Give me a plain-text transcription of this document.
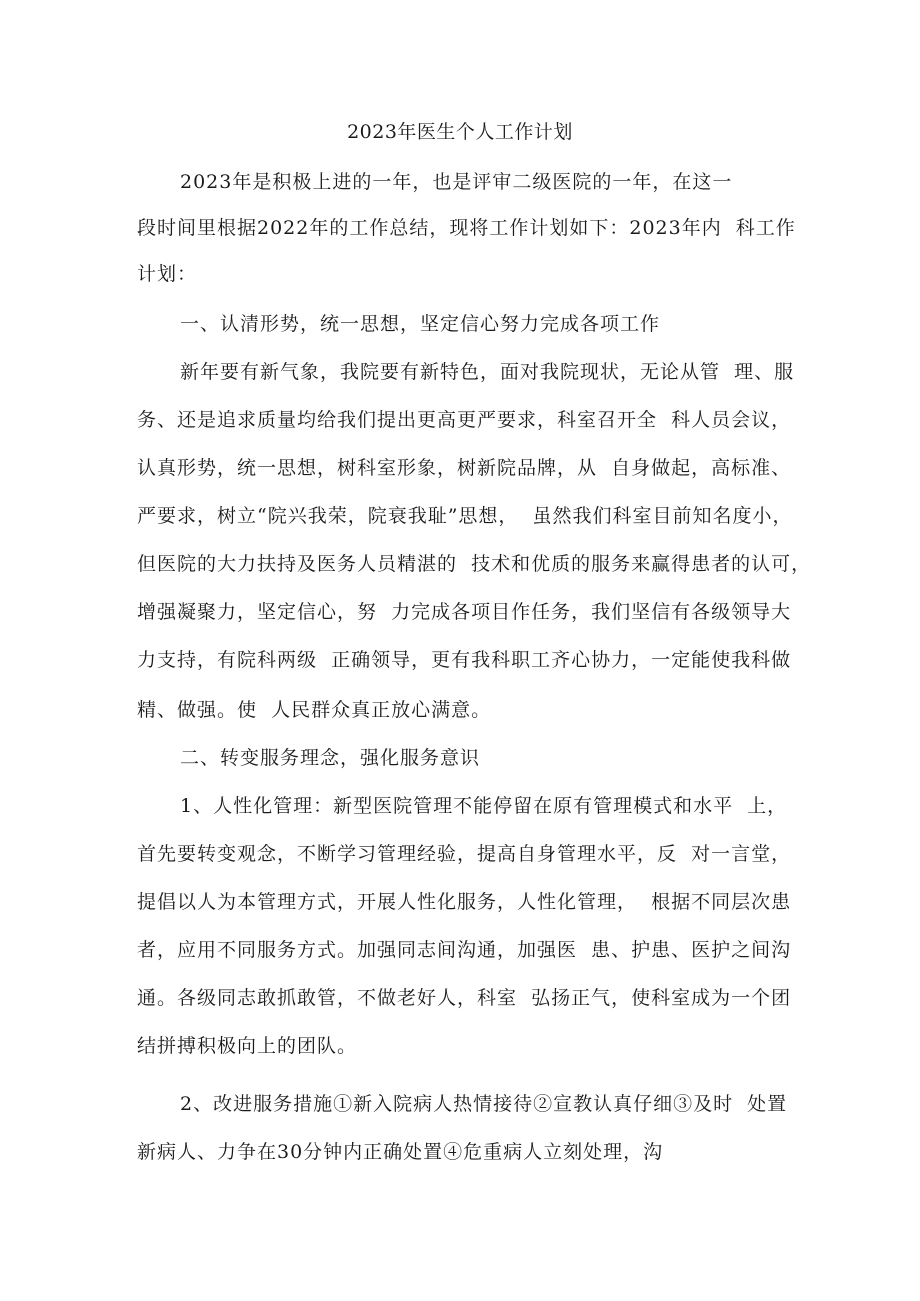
2023年医生个人工作计划
2023年是积极上进的一年，也是评审二级医院的一年，在这一
段时间里根据2022年的工作总结，现将工作计划如下：2023年内  科工作
计划：
一、认清形势，统一思想，坚定信心努力完成各项工作
新年要有新气象，我院要有新特色，面对我院现状，无论从管  理、服
务、还是追求质量均给我们提出更高更严要求，科室召开全  科人员会议，
认真形势，统一思想，树科室形象，树新院品牌，从  自身做起，高标准、
严要求，树立“院兴我荣，院衰我耻”思想，  虽然我们科室目前知名度小，
但医院的大力扶持及医务人员精湛的  技术和优质的服务来赢得患者的认可，
增强凝聚力，坚定信心，努  力完成各项目作任务，我们坚信有各级领导大
力支持，有院科两级  正确领导，更有我科职工齐心协力，一定能使我科做
精、做强。使  人民群众真正放心满意。
二、转变服务理念，强化服务意识
1、人性化管理：新型医院管理不能停留在原有管理模式和水平  上，
首先要转变观念，不断学习管理经验，提高自身管理水平，反  对一言堂，
提倡以人为本管理方式，开展人性化服务，人性化管理，  根据不同层次患
者，应用不同服务方式。加强同志间沟通，加强医  患、护患、医护之间沟
通。各级同志敢抓敢管，不做老好人，科室  弘扬正气，使科室成为一个团
结拼搏积极向上的团队。
2、改进服务措施①新入院病人热情接待②宣教认真仔细③及时  处置
新病人、力争在30分钟内正确处置④危重病人立刻处理，沟
